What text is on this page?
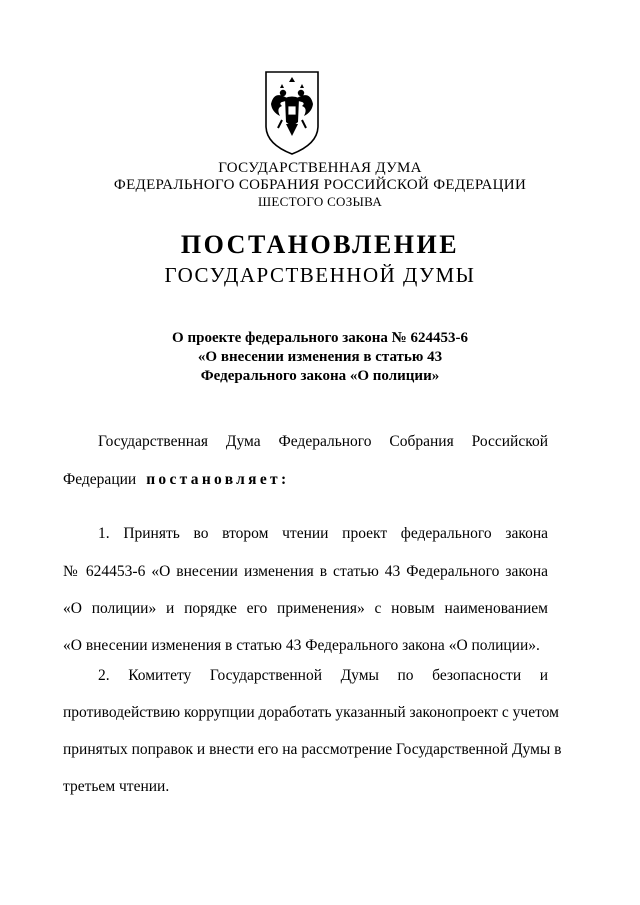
ГОСУДАРСТВЕННАЯ ДУМА
ФЕДЕРАЛЬНОГО СОБРАНИЯ РОССИЙСКОЙ ФЕДЕРАЦИИ
ШЕСТОГО СОЗЫВА
ПОСТАНОВЛЕНИЕ
ГОСУДАРСТВЕННОЙ ДУМЫ
О проекте федерального закона № 624453-6
«О внесении изменения в статью 43
Федерального закона «О полиции»
Государственная Дума Федерального Собрания Российской
Федерации постановляет:
1. Принять во втором чтении проект федерального закона
№ 624453-6 «О внесении изменения в статью 43 Федерального закона
«О полиции» и порядке его применения» с новым наименованием
«О внесении изменения в статью 43 Федерального закона «О полиции».
2. Комитету Государственной Думы по безопасности и
противодействию коррупции доработать указанный законопроект с учетом
принятых поправок и внести его на рассмотрение Государственной Думы в
третьем чтении.
